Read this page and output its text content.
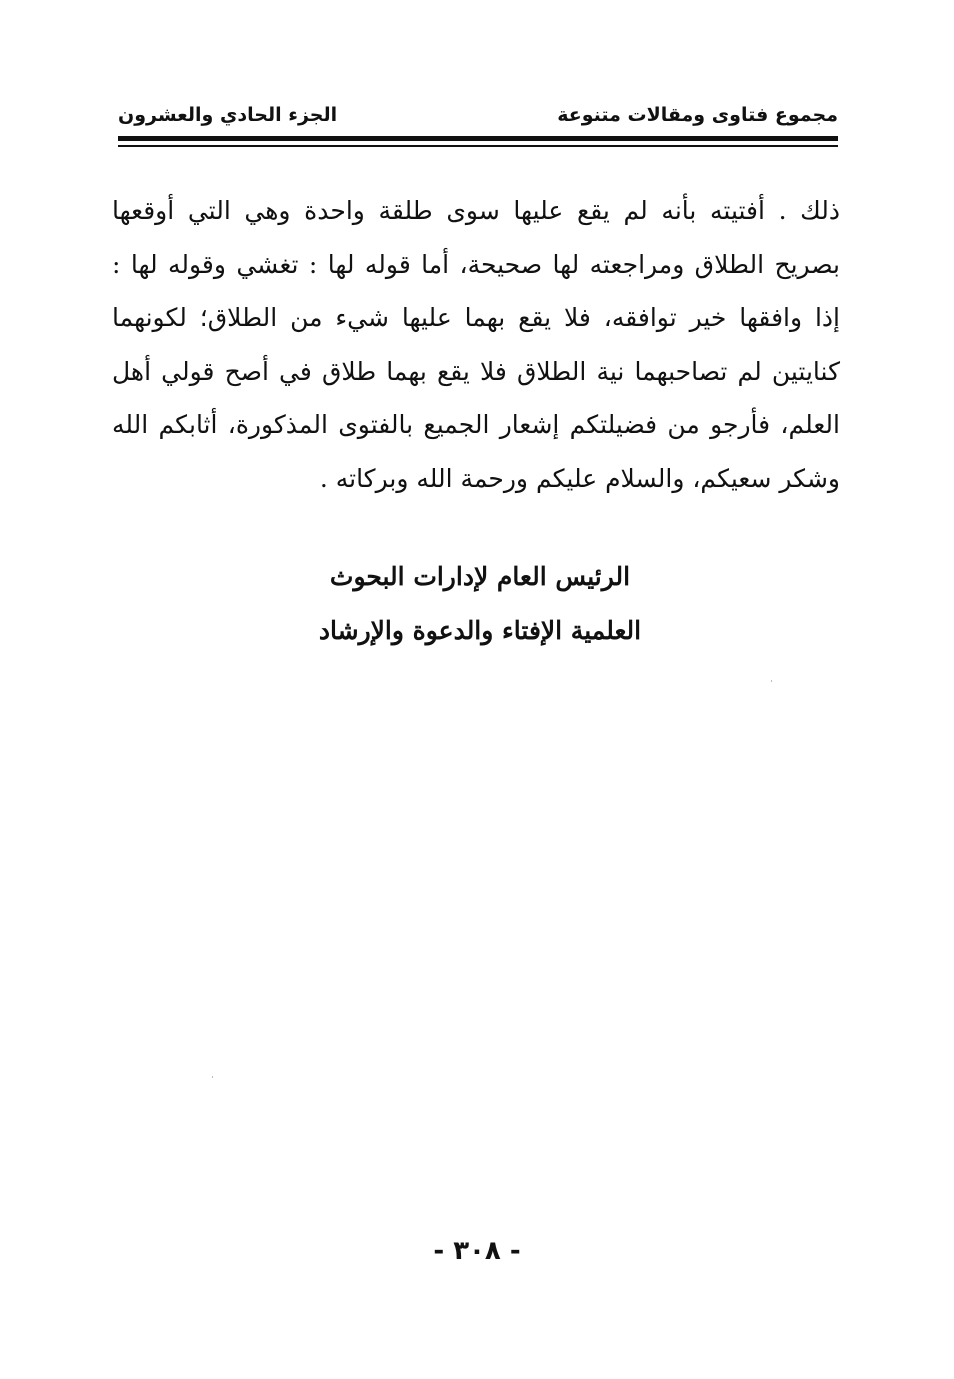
مجموع فتاوى ومقالات متنوعة
الجزء الحادي والعشرون

ذلك . أفتيته بأنه لم يقع عليها سوى طلقة واحدة وهي التي أوقعها بصريح الطلاق ومراجعته لها صحيحة، أما قوله لها : تغشي وقوله لها : إذا وافقها خير توافقه، فلا يقع بهما عليها شيء من الطلاق؛ لكونهما كنايتين لم تصاحبهما نية الطلاق فلا يقع بهما طلاق في أصح قولي أهل العلم، فأرجو من فضيلتكم إشعار الجميع بالفتوى المذكورة، أثابكم الله وشكر سعيكم، والسلام عليكم ورحمة الله وبركاته .

الرئيس العام لإدارات البحوث
العلمية الإفتاء والدعوة والإرشاد
- ٣٠٨ -
